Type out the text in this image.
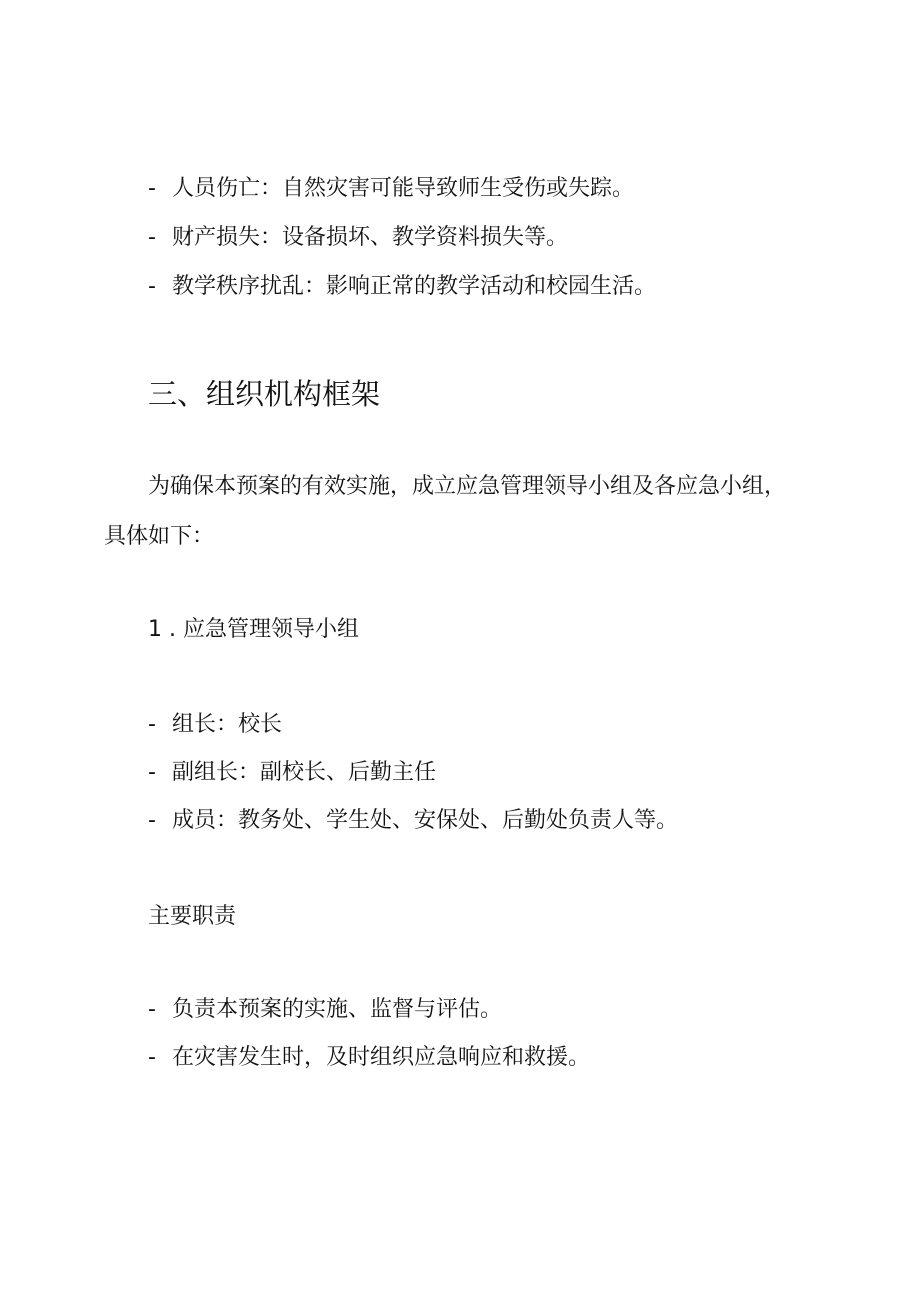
- 人员伤亡：自然灾害可能导致师生受伤或失踪。
- 财产损失：设备损坏、教学资料损失等。
- 教学秩序扰乱：影响正常的教学活动和校园生活。
三、组织机构框架
为确保本预案的有效实施，成立应急管理领导小组及各应急小组，
具体如下：
1 . 应急管理领导小组
- 组长：校长
- 副组长：副校长、后勤主任
- 成员：教务处、学生处、安保处、后勤处负责人等。
主要职责
- 负责本预案的实施、监督与评估。
- 在灾害发生时，及时组织应急响应和救援。
